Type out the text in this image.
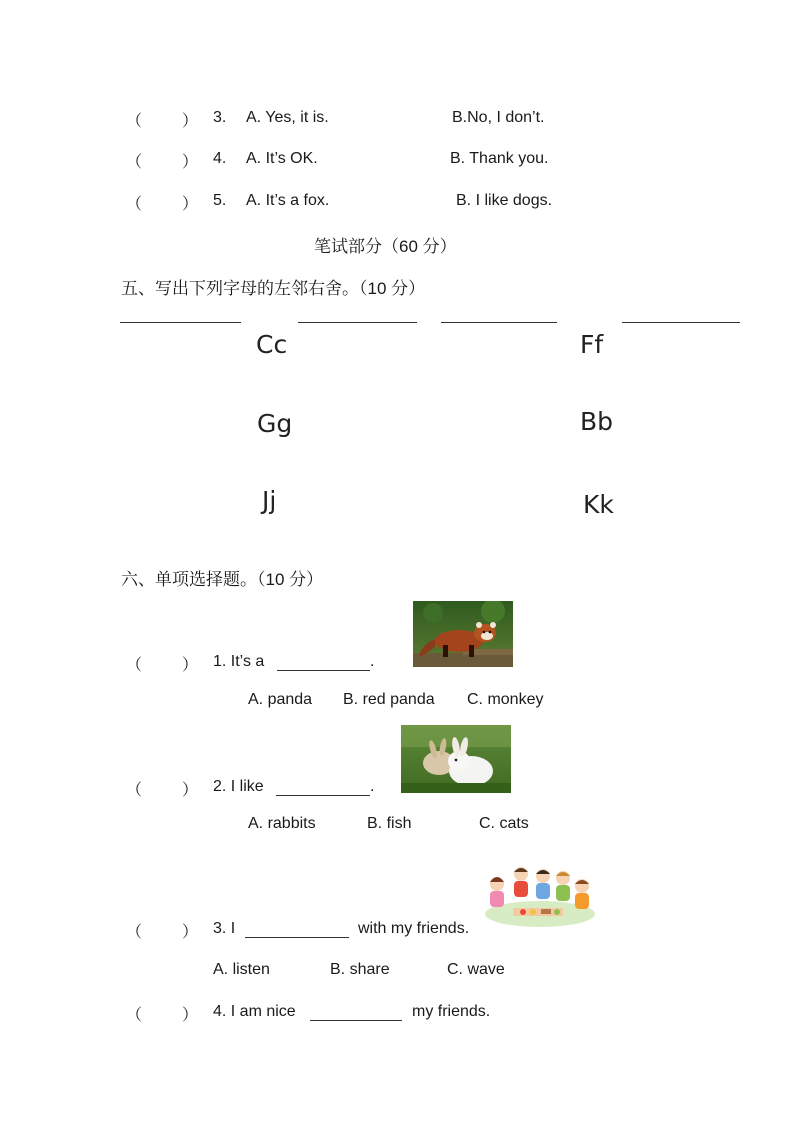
（ ） 3. A. Yes, it is.	B.No, I don’t.
（ ） 4. A. It’s OK.	B. Thank you.
（ ） 5. A. It’s a fox.	B. I like dogs.
笔试部分（60 分）
五、写出下列字母的左邻右舍。（10 分）
Cc	Ff
Gg	Bb
Jj	Kk
六、单项选择题。（10 分）
（ ） 1. It’s a	.
A. panda B. red panda C. monkey
（ ） 2. I like	.
A. rabbits	B. fish	C. cats
（ ） 3. I	with my friends.
A. listen	B. share	C. wave
（ ） 4. I am nice	my friends.
